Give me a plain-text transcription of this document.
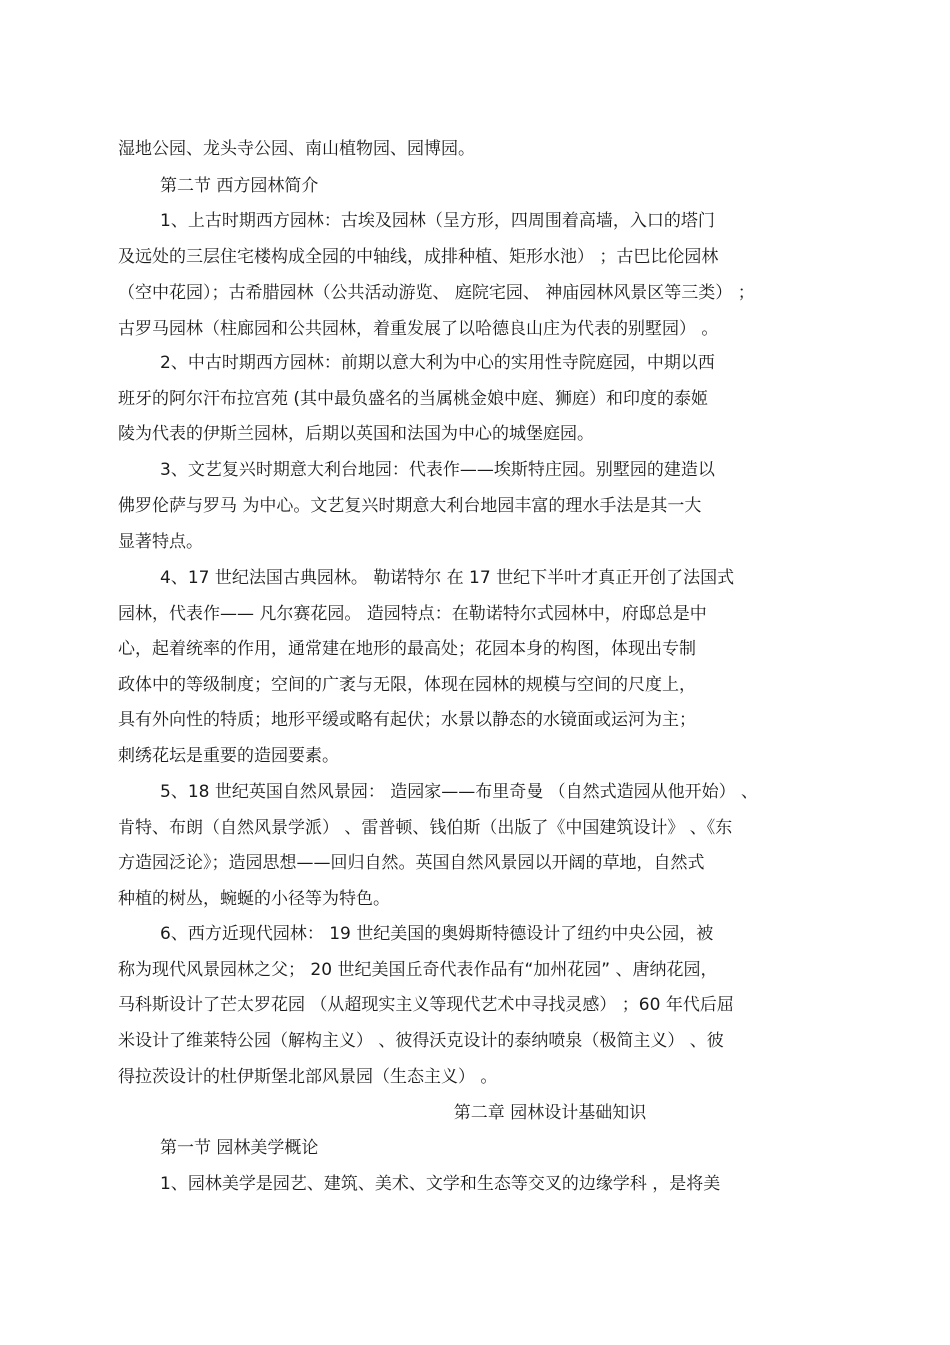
湿地公园、龙头寺公园、南山植物园、园博园。
第二节 西方园林简介
1、上古时期西方园林：古埃及园林（呈方形，四周围着高墙，入口的塔门
及远处的三层住宅楼构成全园的中轴线，成排种植、矩形水池） ；古巴比伦园林
（空中花园）；古希腊园林（公共活动游览、 庭院宅园、 神庙园林风景区等三类） ；
古罗马园林（柱廊园和公共园林，着重发展了以哈德良山庄为代表的别墅园） 。
2、中古时期西方园林：前期以意大利为中心的实用性寺院庭园，中期以西
班牙的阿尔汗布拉宫苑 (其中最负盛名的当属桃金娘中庭、狮庭）和印度的泰姬
陵为代表的伊斯兰园林，后期以英国和法国为中心的城堡庭园。
3、文艺复兴时期意大利台地园：代表作——埃斯特庄园。别墅园的建造以
佛罗伦萨与罗马 为中心。文艺复兴时期意大利台地园丰富的理水手法是其一大
显著特点。
4、17 世纪法国古典园林。 勒诺特尔 在 17 世纪下半叶才真正开创了法国式
园林，代表作—— 凡尔赛花园。 造园特点：在勒诺特尔式园林中，府邸总是中
心，起着统率的作用，通常建在地形的最高处；花园本身的构图，体现出专制
政体中的等级制度；空间的广袤与无限，体现在园林的规模与空间的尺度上，
具有外向性的特质；地形平缓或略有起伏；水景以静态的水镜面或运河为主；
刺绣花坛是重要的造园要素。
5、18 世纪英国自然风景园： 造园家——布里奇曼 （自然式造园从他开始） 、
肯特、布朗（自然风景学派） 、雷普顿、钱伯斯（出版了《中国建筑设计》 、《东
方造园泛论》；造园思想——回归自然。英国自然风景园以开阔的草地，自然式
种植的树丛，蜿蜒的小径等为特色。
6、西方近现代园林： 19 世纪美国的奥姆斯特德设计了纽约中央公园，被
称为现代风景园林之父； 20 世纪美国丘奇代表作品有“加州花园” 、唐纳花园，
马科斯设计了芒太罗花园 （从超现实主义等现代艺术中寻找灵感） ；60 年代后屈
米设计了维莱特公园（解构主义） 、彼得沃克设计的泰纳喷泉（极简主义） 、彼
得拉茨设计的杜伊斯堡北部风景园（生态主义） 。
第二章 园林设计基础知识
第一节 园林美学概论
1、园林美学是园艺、建筑、美术、文学和生态等交叉的边缘学科 ，是将美
